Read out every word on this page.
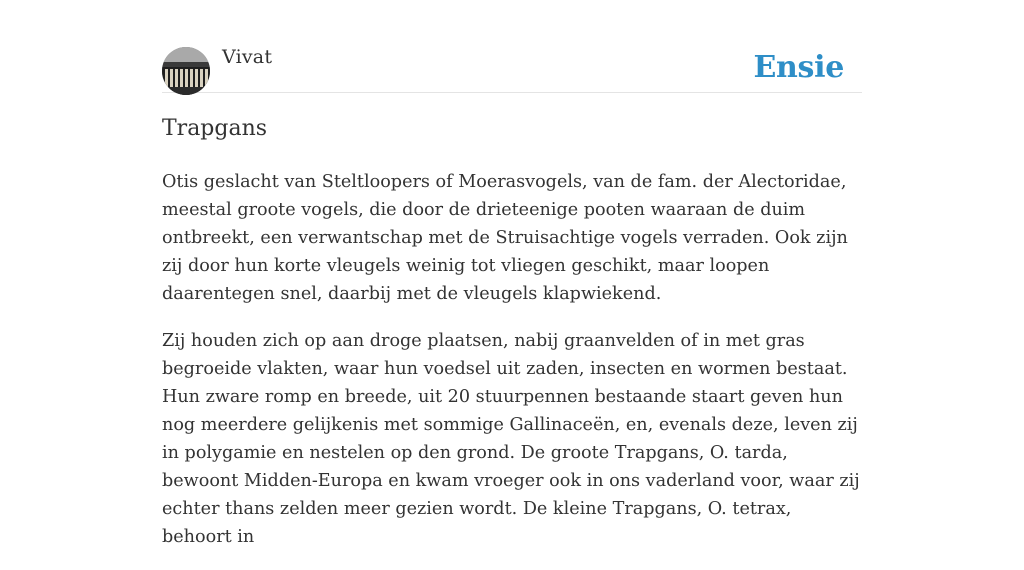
Vivat	Ensie
Trapgans

Otis geslacht van Steltloopers of Moerasvogels, van de fam. der Alectoridae, meestal groote vogels, die door de drieteenige pooten waaraan de duim ontbreekt, een verwantschap met de Struisachtige vogels verraden. Ook zijn zij door hun korte vleugels weinig tot vliegen geschikt, maar loopen daarentegen snel, daarbij met de vleugels klapwiekend.

Zij houden zich op aan droge plaatsen, nabij graanvelden of in met gras begroeide vlakten, waar hun voedsel uit zaden, insecten en wormen bestaat. Hun zware romp en breede, uit 20 stuurpennen bestaande staart geven hun nog meerdere gelijkenis met sommige Gallinaceën, en, evenals deze, leven zij in polygamie en nestelen op den grond. De groote Trapgans, O. tarda, bewoont Midden-Europa en kwam vroeger ook in ons vaderland voor, waar zij echter thans zelden meer gezien wordt. De kleine Trapgans, O. tetrax, behoort in
